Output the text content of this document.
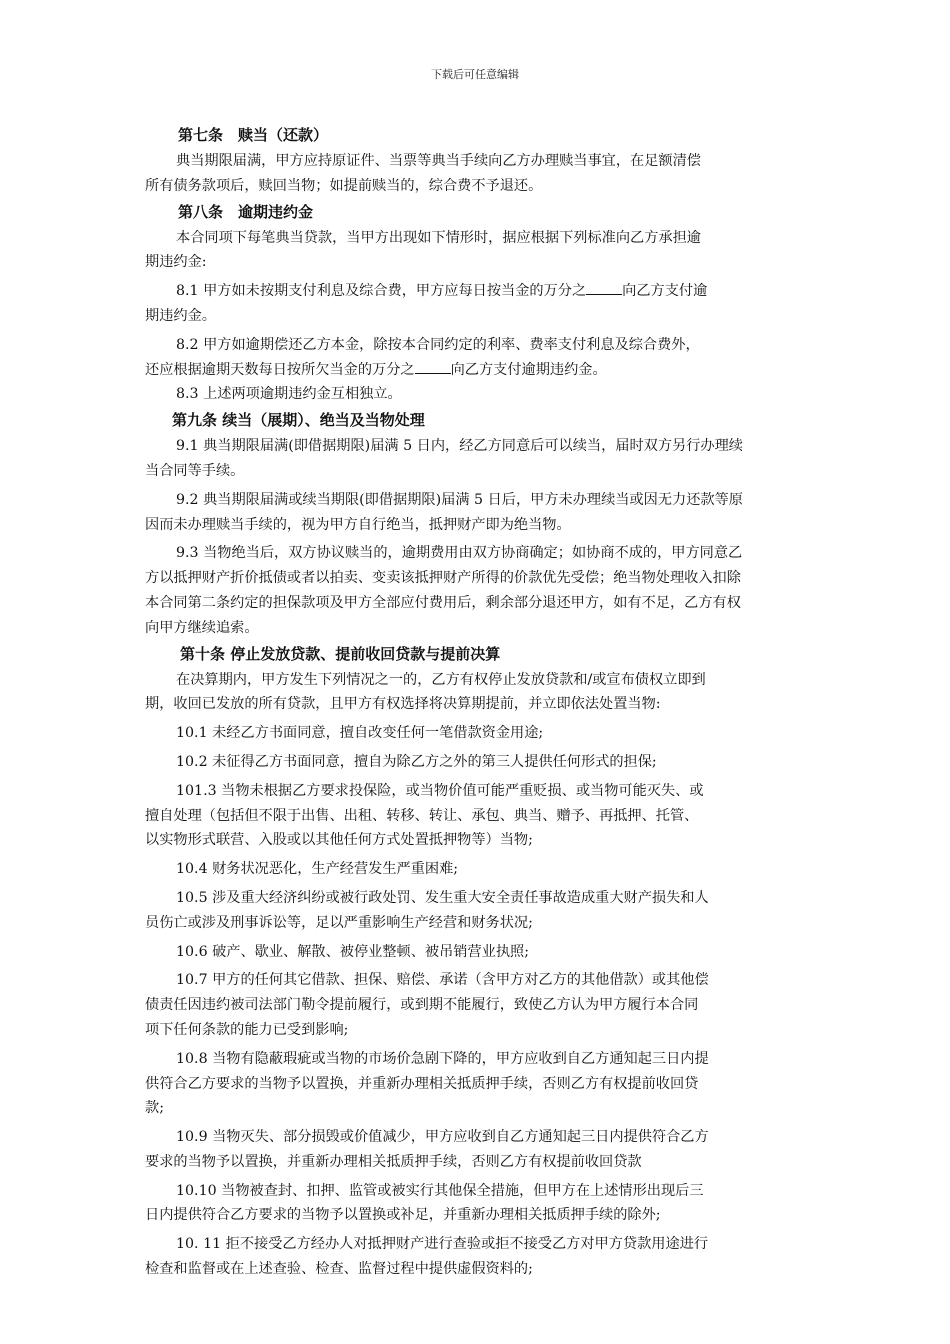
下载后可任意编辑
第七条　赎当（还款）

典当期限届满，甲方应持原证件、当票等典当手续向乙方办理赎当事宜，在足额清偿
所有债务款项后，赎回当物；如提前赎当的，综合费不予退还。

第八条　逾期违约金

本合同项下每笔典当贷款，当甲方出现如下情形时，据应根据下列标准向乙方承担逾
期违约金:

8.1 甲方如未按期支付利息及综合费，甲方应每日按当金的万分之	向乙方支付逾
期违约金。

8.2 甲方如逾期偿还乙方本金，除按本合同约定的利率、费率支付利息及综合费外，
还应根据逾期天数每日按所欠当金的万分之	向乙方支付逾期违约金。

8.3 上述两项逾期违约金互相独立。

第九条 续当（展期）、绝当及当物处理

9.1 典当期限届满(即借据期限)届满 5 日内，经乙方同意后可以续当，届时双方另行办理续
当合同等手续。

9.2 典当期限届满或续当期限(即借据期限)届满 5 日后，甲方未办理续当或因无力还款等原
因而未办理赎当手续的，视为甲方自行绝当，抵押财产即为绝当物。

9.3 当物绝当后，双方协议赎当的，逾期费用由双方协商确定；如协商不成的，甲方同意乙
方以抵押财产折价抵债或者以拍卖、变卖该抵押财产所得的价款优先受偿；绝当物处理收入扣除
本合同第二条约定的担保款项及甲方全部应付费用后，剩余部分退还甲方，如有不足，乙方有权
向甲方继续追索。

第十条 停止发放贷款、提前收回贷款与提前决算

在决算期内，甲方发生下列情况之一的，乙方有权停止发放贷款和/或宣布债权立即到
期，收回已发放的所有贷款，且甲方有权选择将决算期提前，并立即依法处置当物:

10.1 未经乙方书面同意，擅自改变任何一笔借款资金用途;

10.2 未征得乙方书面同意，擅自为除乙方之外的第三人提供任何形式的担保;

101.3 当物未根据乙方要求投保险，或当物价值可能严重贬损、或当物可能灭失、或
擅自处理（包括但不限于出售、出租、转移、转让、承包、典当、赠予、再抵押、托管、
以实物形式联营、入股或以其他任何方式处置抵押物等）当物;

10.4 财务状况恶化，生产经营发生严重困难;

10.5 涉及重大经济纠纷或被行政处罚、发生重大安全责任事故造成重大财产损失和人
员伤亡或涉及刑事诉讼等，足以严重影响生产经营和财务状况;

10.6 破产、歇业、解散、被停业整顿、被吊销营业执照;

10.7 甲方的任何其它借款、担保、赔偿、承诺（含甲方对乙方的其他借款）或其他偿
债责任因违约被司法部门勒令提前履行，或到期不能履行，致使乙方认为甲方履行本合同
项下任何条款的能力已受到影响;

10.8 当物有隐蔽瑕疵或当物的市场价急剧下降的，甲方应收到自乙方通知起三日内提
供符合乙方要求的当物予以置换，并重新办理相关抵质押手续，否则乙方有权提前收回贷
款;

10.9 当物灭失、部分损毁或价值减少，甲方应收到自乙方通知起三日内提供符合乙方
要求的当物予以置换，并重新办理相关抵质押手续，否则乙方有权提前收回贷款

10.10 当物被查封、扣押、监管或被实行其他保全措施，但甲方在上述情形出现后三
日内提供符合乙方要求的当物予以置换或补足，并重新办理相关抵质押手续的除外;

10. 11 拒不接受乙方经办人对抵押财产进行查验或拒不接受乙方对甲方贷款用途进行
检查和监督或在上述查验、检查、监督过程中提供虚假资料的;
